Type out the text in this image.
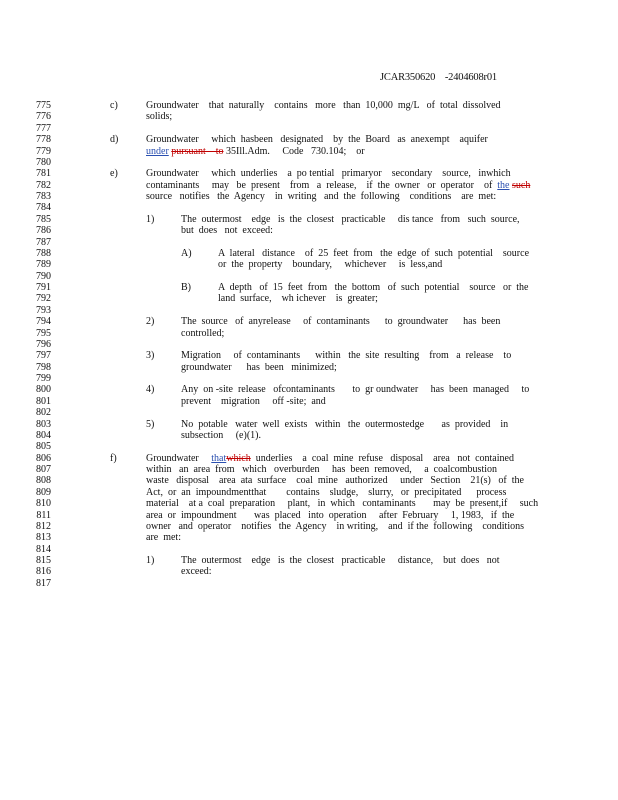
JCAR350620 -2404608r01
775	c)	Groundwater    that  naturally    contains   more   than  10,000  mg/L   of  total  dissolved
776	solids;
777
778	d)	Groundwater     which  hasbeen   designated    by  the  Board   as  anexempt    aquifer
779	under pursuant    to 35Ill.Adm.     Code   730.104;    or
780
781	e)	Groundwater     which  underlies    a  po tential   primaryor    secondary    source,   inwhich
782	contaminants     may   be  present    from   a  release,    if  the  owner   or  operator    of  the such
783	source   notifies   the  Agency    in  writing   and  the  following    conditions    are  met:
784
785	1)	The  outermost    edge   is  the  closest   practicable     dis tance   from   such  source,
786	but  does   not  exceed:
787
788	A)	A  lateral   distance    of  25  feet  from   the  edge  of  such  potential    source
789	or  the  property    boundary,     whichever     is  less,and
790
791	B)	A  depth   of  15  feet  from   the  bottom   of  such  potential    source   or  the
792	land  surface,    wh ichever    is  greater;
793
794	2)	The  source   of  anyrelease     of  contaminants      to  groundwater      has  been
795	controlled;
796
797	3)	Migration     of  contaminants      within   the  site  resulting    from   a  release    to
798	groundwater      has  been   minimized;
799
800	4)	Any  on -site  release   ofcontaminants       to  gr oundwater     has  been  managed     to
801	prevent    migration     off -site;  and
802
803	5)	No  potable   water  well  exists   within   the  outermostedge       as  provided    in
804	subsection     (e)(1).
805
806	f)	Groundwater     thatwhich  underlies    a  coal  mine  refuse   disposal    area   not  contained
807	within   an  area  from   which   overburden     has  been  removed,     a  coalcombustion
808	waste   disposal    area  ata  surface    coal  mine   authorized     under   Section    21(s)   of  the
809	Act,  or  an  impoundmentthat        contains    sludge,    slurry,   or  precipitated      process
810	material    at a  coal  preparation     plant,   in  which   contaminants       may  be  present,if     such
811	area  or  impoundment       was  placed   into  operation     after  February     1, 1983,   if  the
812	owner   and  operator    notifies   the  Agency    in writing,    and  if the  following    conditions
813	are  met:
814
815	1)	The  outermost    edge   is  the  closest   practicable     distance,    but  does   not
816	exceed:
817
